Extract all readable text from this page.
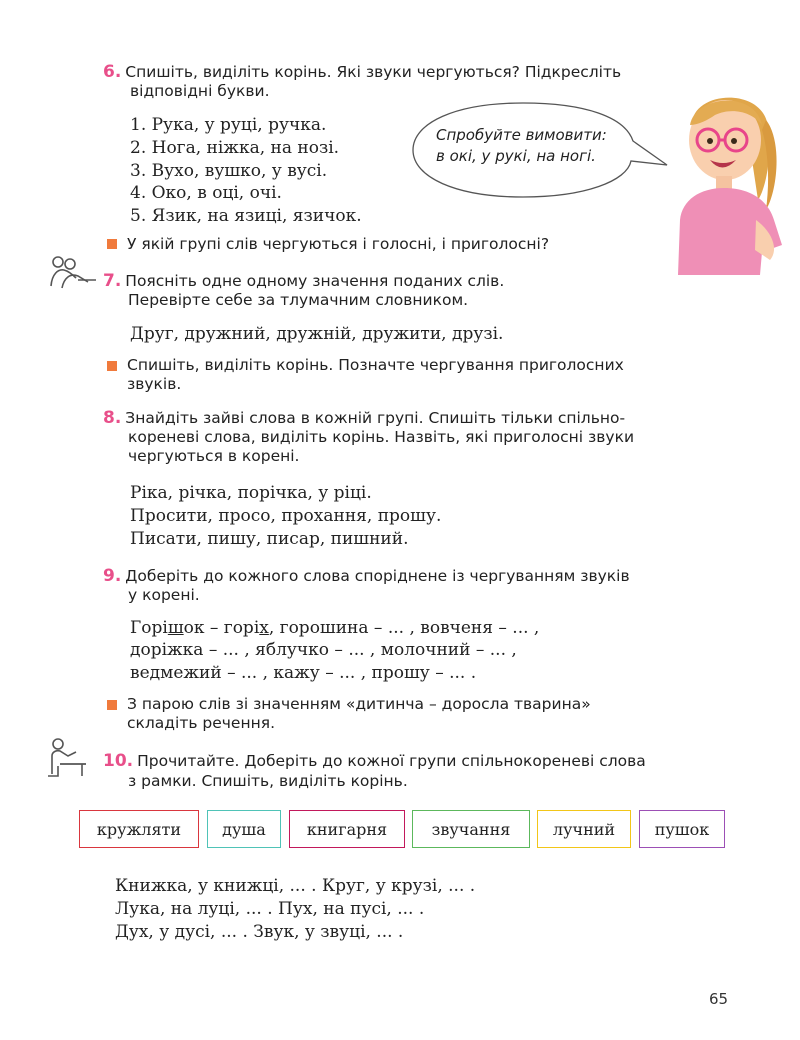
6. Спишіть, виділіть корінь. Які звуки чергуються? Підкресліть
відповідні букви.
1. Рука, у руці, ручка.
2. Нога, ніжка, на нозі.
3. Вухо, вушко, у вусі.
4. Око, в оці, очі.
5. Язик, на язиці, язичок.
У якій групі слів чергуються і голосні, і приголосні?
Спробуйте вимовити:
в окі, у рукі, на ногі.
7. Поясніть одне одному значення поданих слів.
Перевірте себе за тлумачним словником.
Друг, дружний, дружній, дружити, друзі.
Спишіть, виділіть корінь. Позначте чергування приголосних
звуків.
8. Знайдіть зайві слова в кожній групі. Спишіть тільки спільно-
кореневі слова, виділіть корінь. Назвіть, які приголосні звуки
чергуються в корені.
Ріка, річка, порічка, у ріці.
Просити, просо, прохання, прошу.
Писати, пишу, писар, пишний.
9. Доберіть до кожного слова споріднене із чергуванням звуків
у корені.
Горішок – горіх, горошина – ... , вовченя – ... ,
доріжка – ... , яблучко – ... , молочний – ... ,
ведмежий – ... , кажу – ... , прошу – ... .
З парою слів зі значенням «дитинча – доросла тварина»
складіть речення.
10. Прочитайте. Доберіть до кожної групи спільнокореневі слова
з рамки. Спишіть, виділіть корінь.
кружляти	душа	книгарня	звучання	лучний	пушок
Книжка, у книжці, ... . Круг, у крузі, ... .
Лука, на луці, ... . Пух, на пусі, ... .
Дух, у дусі, ... . Звук, у звуці, ... .
65
